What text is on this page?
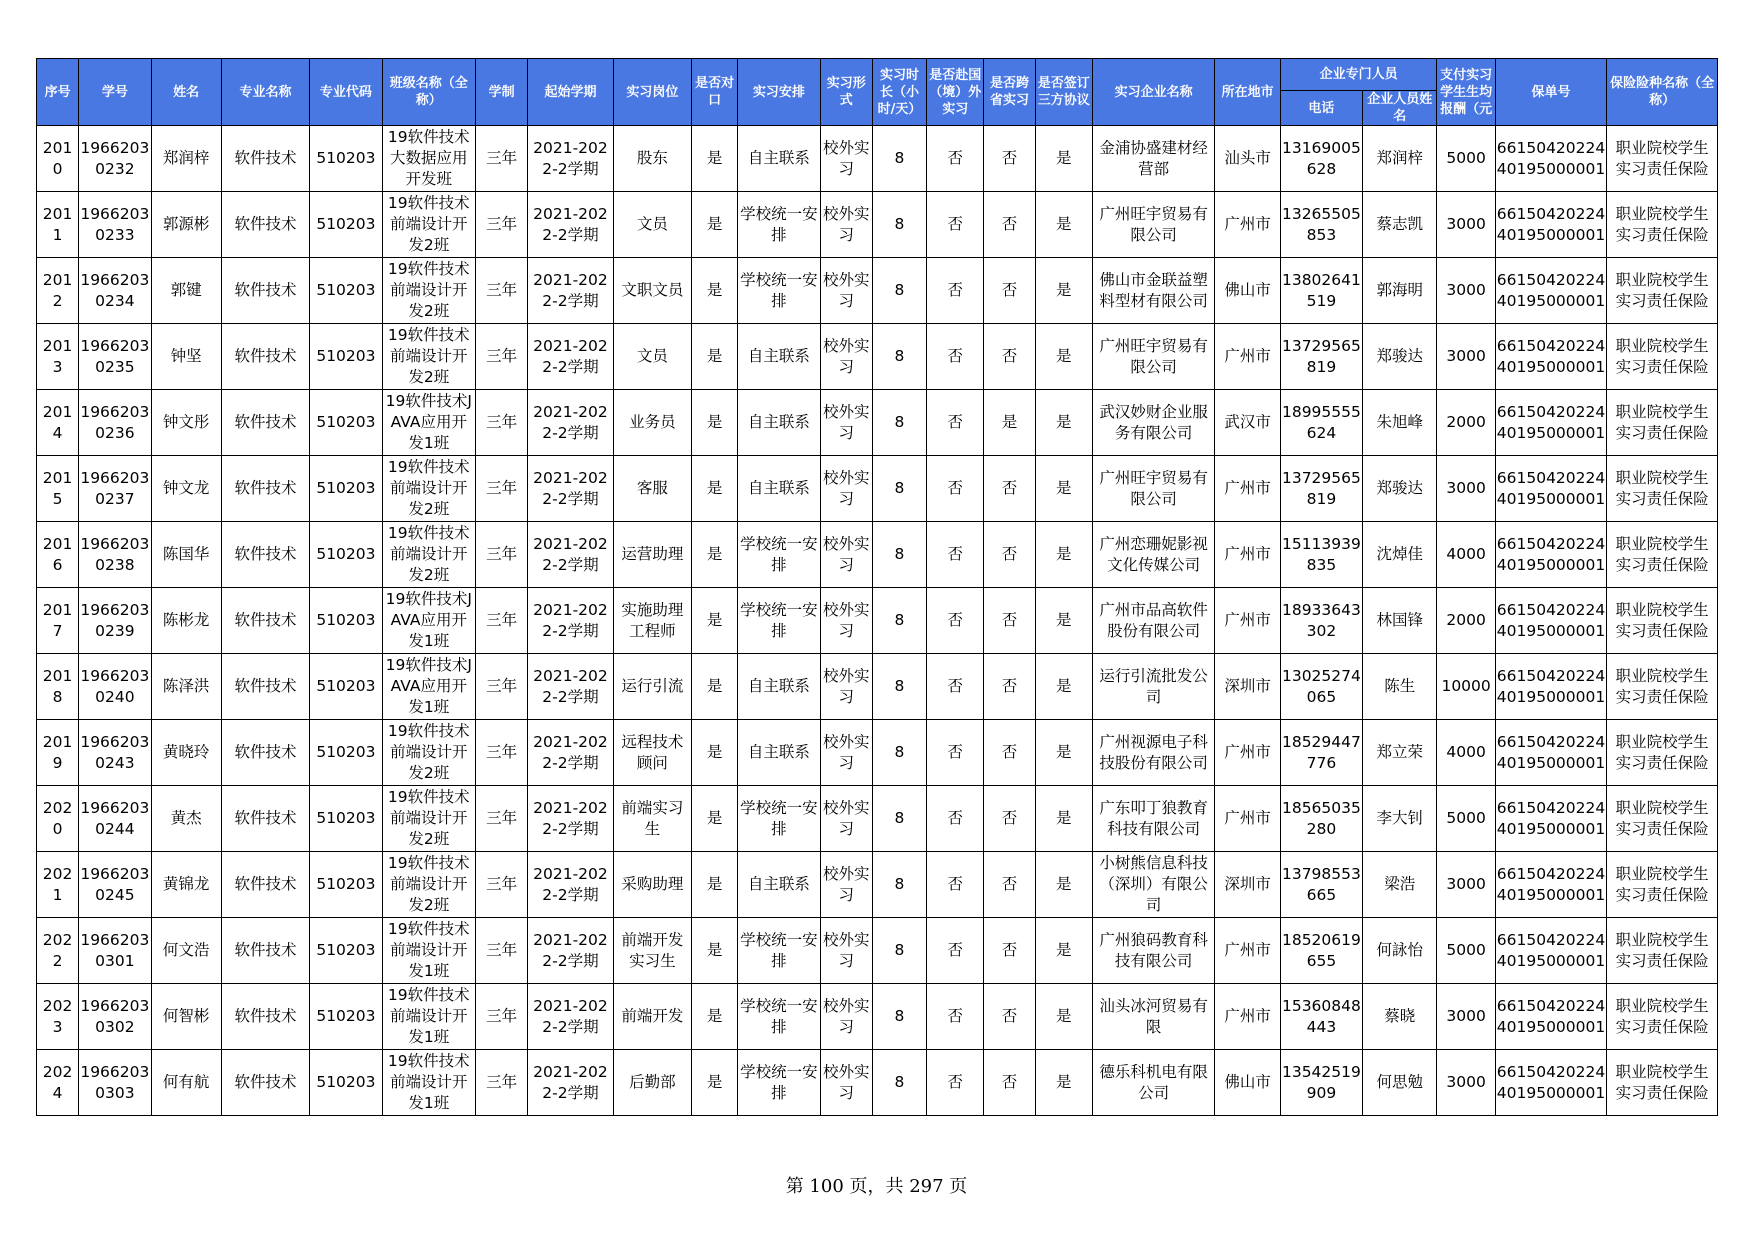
序号	学号	姓名	专业名称	专业代码	班级名称（全称）	学制	起始学期	实习岗位	是否对口	实习安排	实习形式	实习时长（小时/天）	是否赴国（境）外实习	是否跨省实习	是否签订三方协议	实习企业名称	所在地市	企业专门人员		支付实习学生生均报酬（元	保单号	保险险种名称（全称）
																		电话	企业人员姓名			
2010	19662030232	郑润梓	软件技术	510203	19软件技术大数据应用开发班	三年	2021-2022-2学期	股东	是	自主联系	校外实习	8	否	否	是	金浦协盛建材经营部	汕头市	13169005628	郑润梓	5000	6615042022440195000001	职业院校学生实习责任保险
2011	19662030233	郭源彬	软件技术	510203	19软件技术前端设计开发2班	三年	2021-2022-2学期	文员	是	学校统一安排	校外实习	8	否	否	是	广州旺宇贸易有限公司	广州市	13265505853	蔡志凯	3000	6615042022440195000001	职业院校学生实习责任保险
2012	19662030234	郭键	软件技术	510203	19软件技术前端设计开发2班	三年	2021-2022-2学期	文职文员	是	学校统一安排	校外实习	8	否	否	是	佛山市金联益塑料型材有限公司	佛山市	13802641519	郭海明	3000	6615042022440195000001	职业院校学生实习责任保险
2013	19662030235	钟坚	软件技术	510203	19软件技术前端设计开发2班	三年	2021-2022-2学期	文员	是	自主联系	校外实习	8	否	否	是	广州旺宇贸易有限公司	广州市	13729565819	郑骏达	3000	6615042022440195000001	职业院校学生实习责任保险
2014	19662030236	钟文彤	软件技术	510203	19软件技术JAVA应用开发1班	三年	2021-2022-2学期	业务员	是	自主联系	校外实习	8	否	是	是	武汉妙财企业服务有限公司	武汉市	18995555624	朱旭峰	2000	6615042022440195000001	职业院校学生实习责任保险
2015	19662030237	钟文龙	软件技术	510203	19软件技术前端设计开发2班	三年	2021-2022-2学期	客服	是	自主联系	校外实习	8	否	否	是	广州旺宇贸易有限公司	广州市	13729565819	郑骏达	3000	6615042022440195000001	职业院校学生实习责任保险
2016	19662030238	陈国华	软件技术	510203	19软件技术前端设计开发2班	三年	2021-2022-2学期	运营助理	是	学校统一安排	校外实习	8	否	否	是	广州恋珊妮影视文化传媒公司	广州市	15113939835	沈焯佳	4000	6615042022440195000001	职业院校学生实习责任保险
2017	19662030239	陈彬龙	软件技术	510203	19软件技术JAVA应用开发1班	三年	2021-2022-2学期	实施助理工程师	是	学校统一安排	校外实习	8	否	否	是	广州市品高软件股份有限公司	广州市	18933643302	林国锋	2000	6615042022440195000001	职业院校学生实习责任保险
2018	19662030240	陈泽洪	软件技术	510203	19软件技术JAVA应用开发1班	三年	2021-2022-2学期	运行引流	是	自主联系	校外实习	8	否	否	是	运行引流批发公司	深圳市	13025274065	陈生	10000	6615042022440195000001	职业院校学生实习责任保险
2019	19662030243	黄晓玲	软件技术	510203	19软件技术前端设计开发2班	三年	2021-2022-2学期	远程技术顾问	是	自主联系	校外实习	8	否	否	是	广州视源电子科技股份有限公司	广州市	18529447776	郑立荣	4000	6615042022440195000001	职业院校学生实习责任保险
2020	19662030244	黄杰	软件技术	510203	19软件技术前端设计开发2班	三年	2021-2022-2学期	前端实习生	是	学校统一安排	校外实习	8	否	否	是	广东叩丁狼教育科技有限公司	广州市	18565035280	李大钊	5000	6615042022440195000001	职业院校学生实习责任保险
2021	19662030245	黄锦龙	软件技术	510203	19软件技术前端设计开发2班	三年	2021-2022-2学期	采购助理	是	自主联系	校外实习	8	否	否	是	小树熊信息科技（深圳）有限公司	深圳市	13798553665	梁浩	3000	6615042022440195000001	职业院校学生实习责任保险
2022	19662030301	何文浩	软件技术	510203	19软件技术前端设计开发1班	三年	2021-2022-2学期	前端开发实习生	是	学校统一安排	校外实习	8	否	否	是	广州狼码教育科技有限公司	广州市	18520619655	何詠怡	5000	6615042022440195000001	职业院校学生实习责任保险
2023	19662030302	何智彬	软件技术	510203	19软件技术前端设计开发1班	三年	2021-2022-2学期	前端开发	是	学校统一安排	校外实习	8	否	否	是	汕头冰河贸易有限	广州市	15360848443	蔡晓	3000	6615042022440195000001	职业院校学生实习责任保险
2024	19662030303	何有航	软件技术	510203	19软件技术前端设计开发1班	三年	2021-2022-2学期	后勤部	是	学校统一安排	校外实习	8	否	否	是	德乐科机电有限公司	佛山市	13542519909	何思勉	3000	6615042022440195000001	职业院校学生实习责任保险
第 100 页，共 297 页
